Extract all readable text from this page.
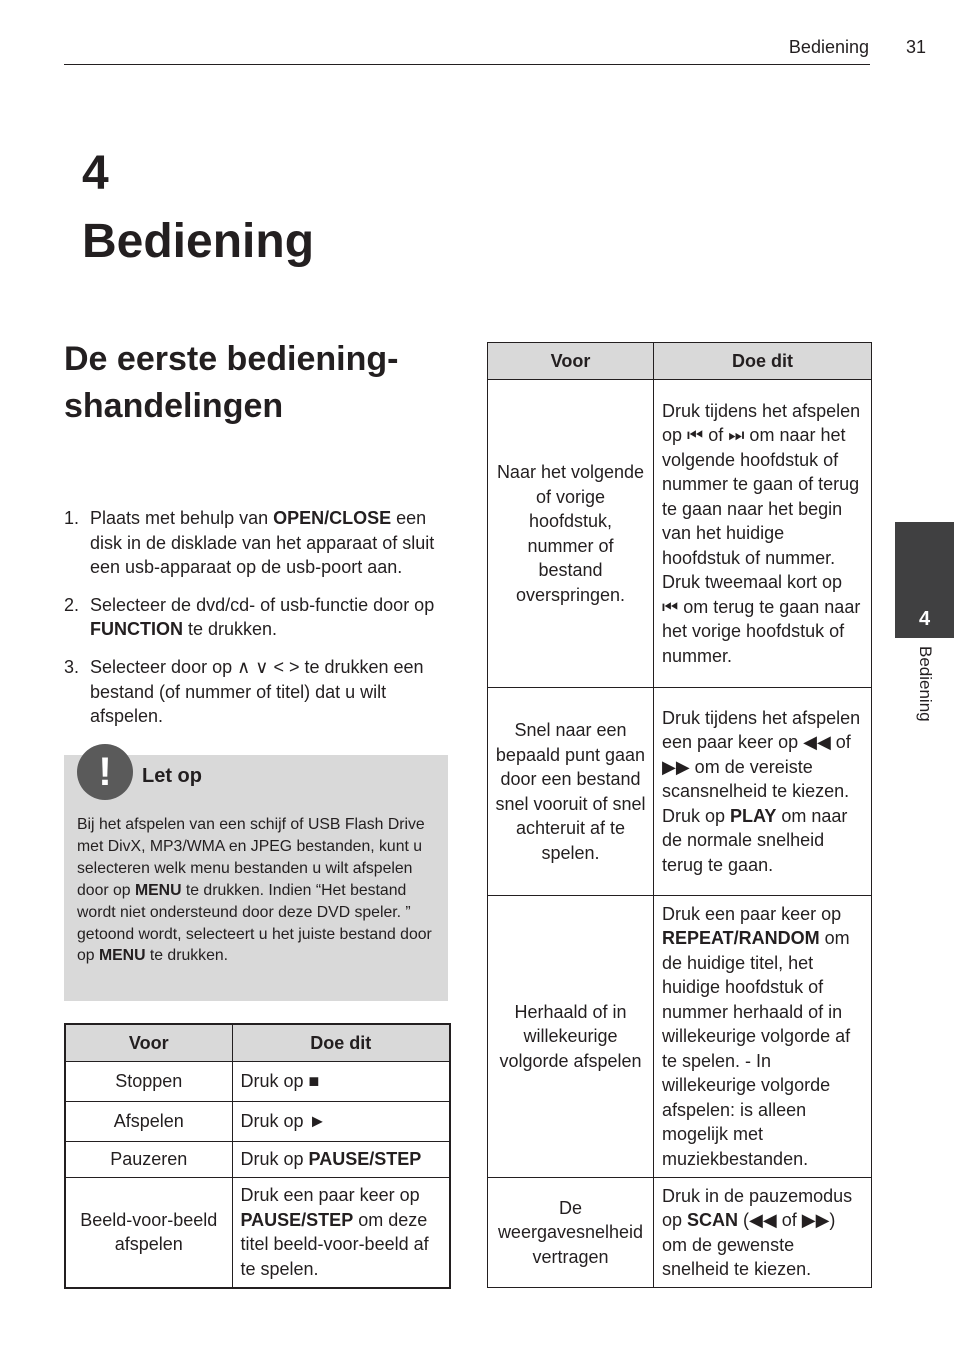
Bediening 31
4
Bediening
De eerste bediening-shandelingen
1. Plaats met behulp van OPEN/CLOSE een disk in de disklade van het apparaat of sluit een usb-apparaat op de usb-poort aan.
2. Selecteer de dvd/cd- of usb-functie door op FUNCTION te drukken.
3. Selecteer door op ∧ ∨ < > te drukken een bestand (of nummer of titel) dat u wilt afspelen.
!	Let op
Bij het afspelen van een schijf of USB Flash Drive met DivX, MP3/WMA en JPEG bestanden, kunt u selecteren welk menu bestanden u wilt afspelen door op MENU te drukken. Indien “Het bestand wordt niet ondersteund door deze DVD speler. ” getoond wordt, selecteert u het juiste bestand door op MENU te drukken.
Voor	Doe dit
Stoppen	Druk op ■
Afspelen	Druk op ►
Pauzeren	Druk op PAUSE/STEP
Beeld-voor-beeld afspelen	Druk een paar keer op PAUSE/STEP om deze titel beeld-voor-beeld af te spelen.
Voor	Doe dit
Naar het volgende of vorige hoofdstuk, nummer of bestand overspringen.	Druk tijdens het afspelen op ⏮ of ⏭ om naar het volgende hoofdstuk of nummer te gaan of terug te gaan naar het begin van het huidige hoofdstuk of nummer. Druk tweemaal kort op ⏮ om terug te gaan naar het vorige hoofdstuk of nummer.
Snel naar een bepaald punt gaan door een bestand snel vooruit of snel achteruit af te spelen.	Druk tijdens het afspelen een paar keer op ◀◀ of ▶▶ om de vereiste scansnelheid te kiezen. Druk op PLAY om naar de normale snelheid terug te gaan.
Herhaald of in willekeurige volgorde afspelen	Druk een paar keer op REPEAT/RANDOM om de huidige titel, het huidige hoofdstuk of nummer herhaald of in willekeurige volgorde af te spelen. - In willekeurige volgorde afspelen: is alleen mogelijk met muziekbestanden.
De weergavesnelheid vertragen	Druk in de pauzemodus op SCAN (◀◀ of ▶▶) om de gewenste snelheid te kiezen.
4
Bediening
